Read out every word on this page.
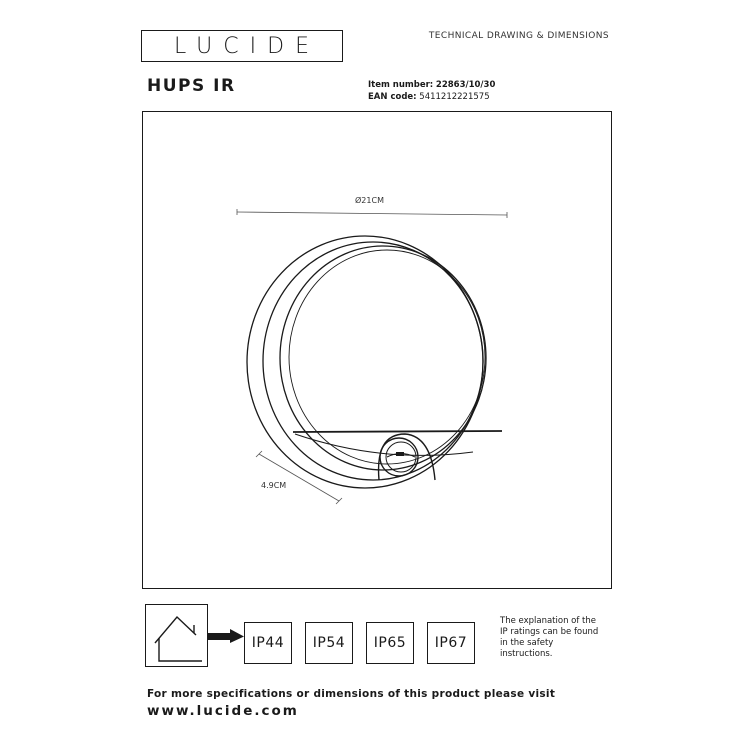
LUCIDE	TECHNICAL DRAWING & DIMENSIONS
HUPS IR	Item number: 22863/10/30
EAN code: 5411212221575
Ø21CM
4.9CM
IP44	IP54	IP65	IP67
The explanation of the
IP ratings can be found
in the safety
instructions.
For more specifications or dimensions of this product please visit
www.lucide.com
